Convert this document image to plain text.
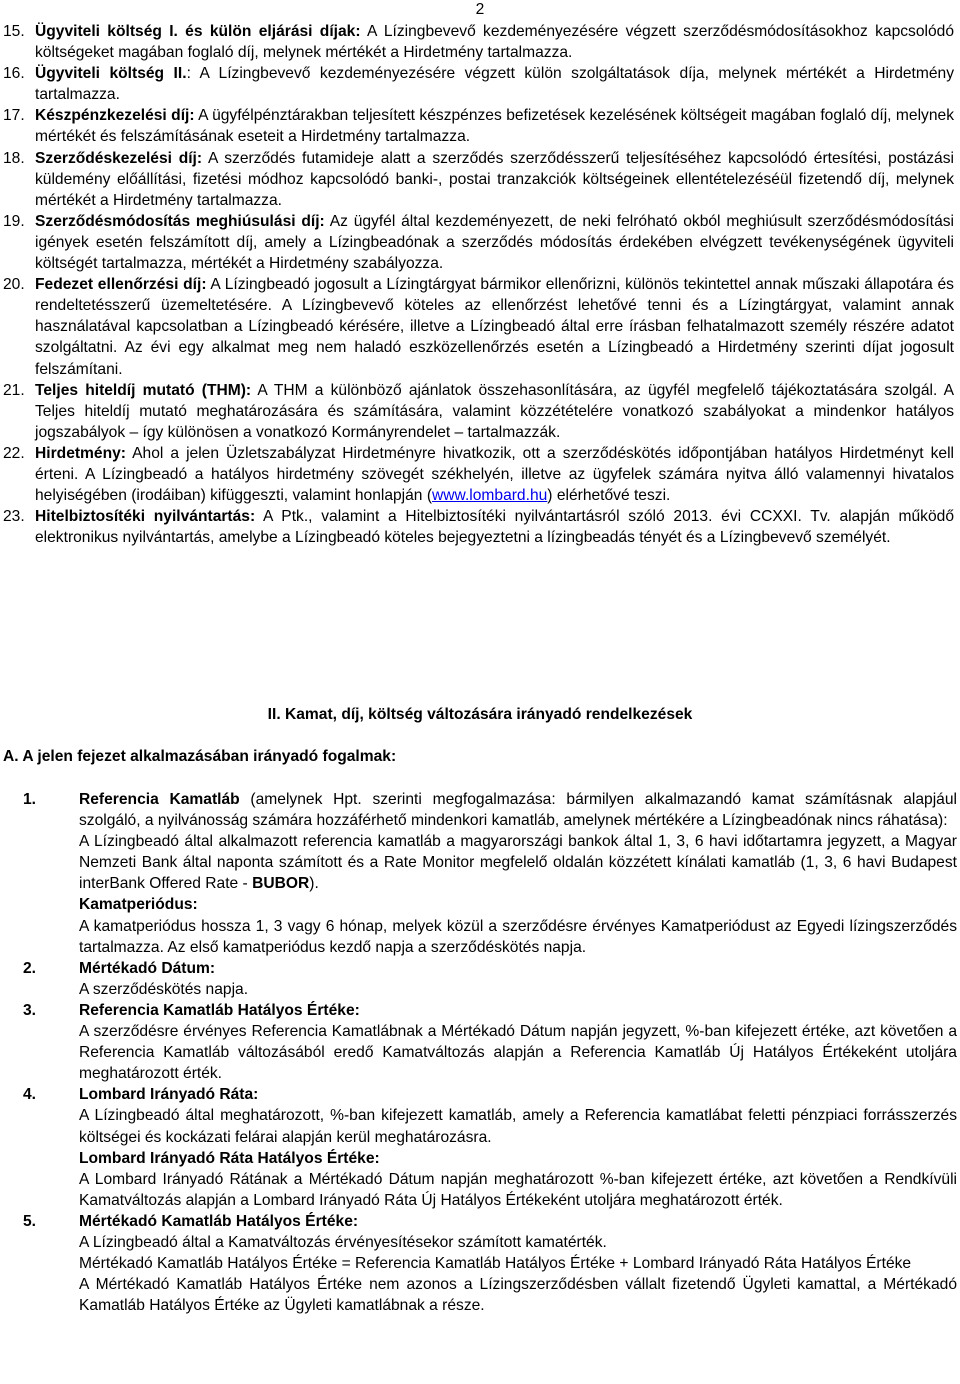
2

15. Ügyviteli költség I. és külön eljárási díjak: A Lízingbevevő kezdeményezésére végzett szerződésmódosításokhoz kapcsolódó költségeket magában foglaló díj, melynek mértékét a Hirdetmény tartalmazza.

16. Ügyviteli költség II.: A Lízingbevevő kezdeményezésére végzett külön szolgáltatások díja, melynek mértékét a Hirdetmény tartalmazza.

17. Készpénzkezelési díj: A ügyfélpénztárakban teljesített készpénzes befizetések kezelésének költségeit magában foglaló díj, melynek mértékét és felszámításának eseteit a Hirdetmény tartalmazza.

18. Szerződéskezelési díj: A szerződés futamideje alatt a szerződés szerződésszerű teljesítéséhez kapcsolódó értesítési, postázási küldemény előállítási, fizetési módhoz kapcsolódó banki-, postai tranzakciók költségeinek ellentételezéséül fizetendő díj, melynek mértékét a Hirdetmény tartalmazza.

19. Szerződésmódosítás meghiúsulási díj: Az ügyfél által kezdeményezett, de neki felróható okból meghiúsult szerződésmódosítási igények esetén felszámított díj, amely a Lízingbeadónak a szerződés módosítás érdekében elvégzett tevékenységének ügyviteli költségét tartalmazza, mértékét a Hirdetmény szabályozza.

20. Fedezet ellenőrzési díj: A Lízingbeadó jogosult a Lízingtárgyat bármikor ellenőrizni, különös tekintettel annak műszaki állapotára és rendeltetésszerű üzemeltetésére. A Lízingbevevő köteles az ellenőrzést lehetővé tenni és a Lízingtárgyat, valamint annak használatával kapcsolatban a Lízingbeadó kérésére, illetve a Lízingbeadó által erre írásban felhatalmazott személy részére adatot szolgáltatni. Az évi egy alkalmat meg nem haladó eszközellenőrzés esetén a Lízingbeadó a Hirdetmény szerinti díjat jogosult felszámítani.

21. Teljes hiteldíj mutató (THM): A THM a különböző ajánlatok összehasonlítására, az ügyfél megfelelő tájékoztatására szolgál. A Teljes hiteldíj mutató meghatározására és számítására, valamint közzétételére vonatkozó szabályokat a mindenkor hatályos jogszabályok – így különösen a vonatkozó Kormányrendelet – tartalmazzák.

22. Hirdetmény: Ahol a jelen Üzletszabályzat Hirdetményre hivatkozik, ott a szerződéskötés időpontjában hatályos Hirdetményt kell érteni. A Lízingbeadó a hatályos hirdetmény szövegét székhelyén, illetve az ügyfelek számára nyitva álló valamennyi hivatalos helyiségében (irodáiban) kifüggeszti, valamint honlapján (www.lombard.hu) elérhetővé teszi.

23. Hitelbiztosítéki nyilvántartás: A Ptk., valamint a Hitelbiztosítéki nyilvántartásról szóló 2013. évi CCXXI. Tv. alapján működő elektronikus nyilvántartás, amelybe a Lízingbeadó köteles bejegyeztetni a lízingbeadás tényét és a Lízingbevevő személyét.

II. Kamat, díj, költség változására irányadó rendelkezések
A. A jelen fejezet alkalmazásában irányadó fogalmak:
1.	Referencia Kamatláb (amelynek Hpt. szerinti megfogalmazása: bármilyen alkalmazandó kamat számításnak alapjául szolgáló, a nyilvánosság számára hozzáférhető mindenkori kamatláb, amelynek mértékére a Lízingbeadónak nincs ráhatása):

A Lízingbeadó által alkalmazott referencia kamatláb a magyarországi bankok által 1, 3, 6 havi időtartamra jegyzett, a Magyar Nemzeti Bank által naponta számított és a Rate Monitor megfelelő oldalán közzétett kínálati kamatláb (1, 3, 6 havi Budapest interBank Offered Rate - BUBOR).

Kamatperiódus:

A kamatperiódus hossza 1, 3 vagy 6 hónap, melyek közül a szerződésre érvényes Kamatperiódust az Egyedi lízingszerződés tartalmazza. Az első kamatperiódus kezdő napja a szerződéskötés napja.

2.	Mértékadó Dátum:

A szerződéskötés napja.

3.	Referencia Kamatláb Hatályos Értéke:

A szerződésre érvényes Referencia Kamatlábnak a Mértékadó Dátum napján jegyzett, %-ban kifejezett értéke, azt követően a Referencia Kamatláb változásából eredő Kamatváltozás alapján a Referencia Kamatláb Új Hatályos Értékeként utoljára meghatározott érték.

4.	Lombard Irányadó Ráta:

A Lízingbeadó által meghatározott, %-ban kifejezett kamatláb, amely a Referencia kamatlábat feletti pénzpiaci forrásszerzés költségei és kockázati felárai alapján kerül meghatározásra.

Lombard Irányadó Ráta Hatályos Értéke:

A Lombard Irányadó Rátának a Mértékadó Dátum napján meghatározott %-ban kifejezett értéke, azt követően a Rendkívüli Kamatváltozás alapján a Lombard Irányadó Ráta Új Hatályos Értékeként utoljára meghatározott érték.

5.	Mértékadó Kamatláb Hatályos Értéke:

A Lízingbeadó által a Kamatváltozás érvényesítésekor számított kamatérték.

Mértékadó Kamatláb Hatályos Értéke = Referencia Kamatláb Hatályos Értéke + Lombard Irányadó Ráta Hatályos Értéke

A Mértékadó Kamatláb Hatályos Értéke nem azonos a Lízingszerződésben vállalt fizetendő Ügyleti kamattal, a Mértékadó Kamatláb Hatályos Értéke az Ügyleti kamatlábnak a része.
